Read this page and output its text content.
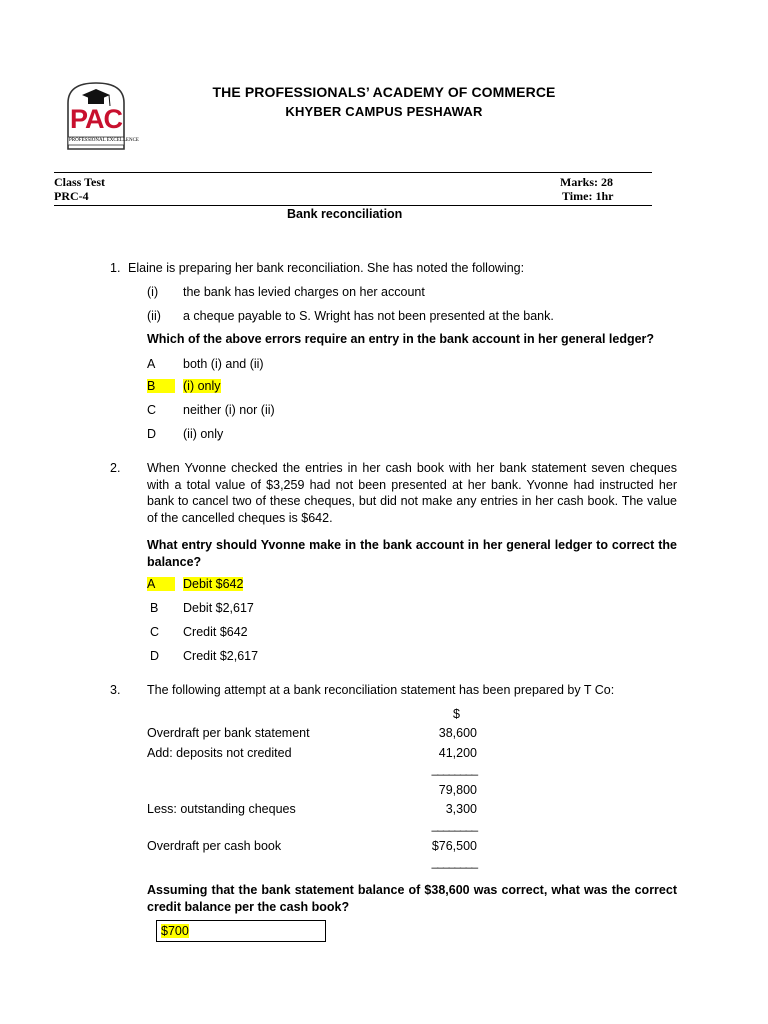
PAC
PROFESSIONAL EXCELLENCE
THE PROFESSIONALS’ ACADEMY OF COMMERCE
KHYBER CAMPUS PESHAWAR
Class Test
PRC-4
Marks: 28
Time: 1hr
Bank reconciliation
1. Elaine is preparing her bank reconciliation. She has noted the following:
(i) the bank has levied charges on her account
(ii) a cheque payable to S. Wright has not been presented at the bank.
Which of the above errors require an entry in the bank account in her general ledger?
A both (i) and (ii)
B	(i) only
C neither (i) nor (ii)
D (ii) only
2. When Yvonne checked the entries in her cash book with her bank statement seven cheques with a total value of $3,259 had not been presented at her bank. Yvonne had instructed her bank to cancel two of these cheques, but did not make any entries in her cash book. The value of the cancelled cheques is $642.
What entry should Yvonne make in the bank account in her general ledger to correct the balance?
A	Debit $642
B Debit $2,617
C Credit $642
D Credit $2,617
3. The following attempt at a bank reconciliation statement has been prepared by T Co:
$
Overdraft per bank statement	38,600
Add: deposits not credited	41,200
________
79,800
Less: outstanding cheques	3,300
________
Overdraft per cash book	$76,500
________
Assuming that the bank statement balance of $38,600 was correct, what was the correct credit balance per the cash book?
$700
